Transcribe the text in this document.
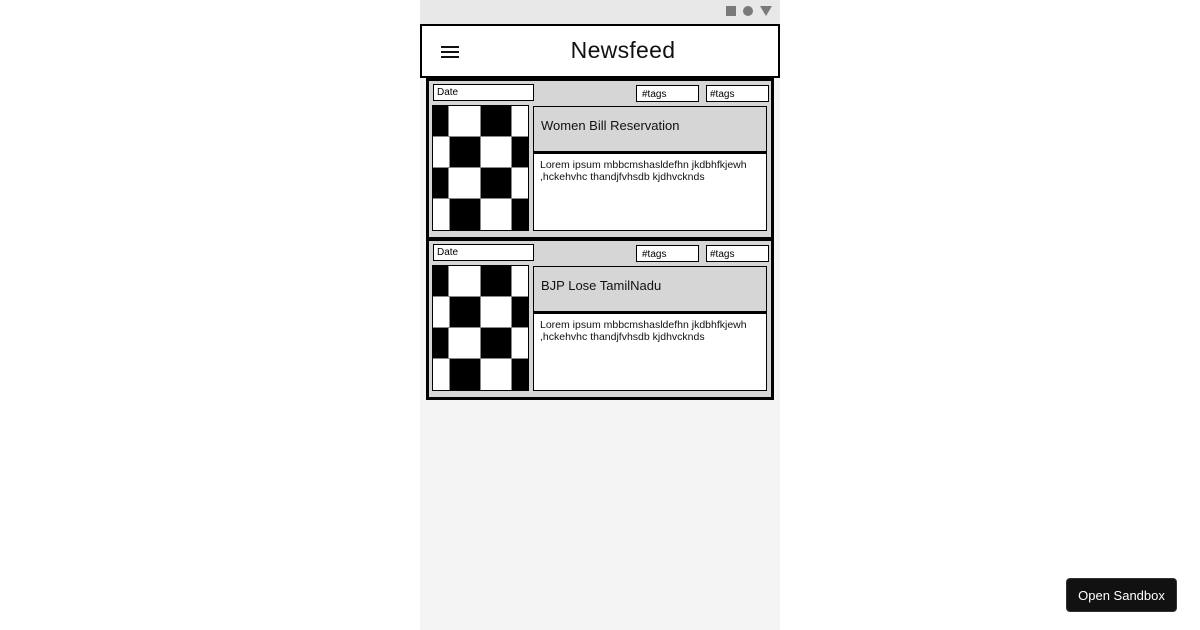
Newsfeed
Date	#tags	#tags
Women Bill Reservation
Lorem ipsum mbbcmshasldefhn jkdbhfkjewh ,hckehvhc thandjfvhsdb kjdhvcknds
Date	#tags	#tags
BJP Lose TamilNadu
Lorem ipsum mbbcmshasldefhn jkdbhfkjewh ,hckehvhc thandjfvhsdb kjdhvcknds
Open Sandbox
